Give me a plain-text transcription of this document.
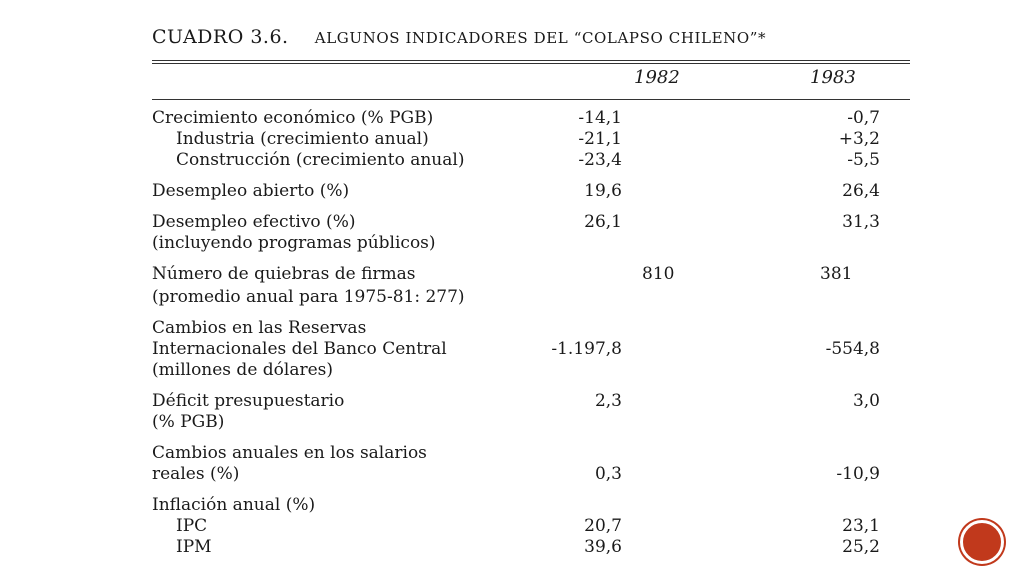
CUADRO 3.6. ALGUNOS INDICADORES DEL “COLAPSO CHILENO”*
1982	1983
Crecimiento económico (% PGB)	-14,1	-0,7
Industria (crecimiento anual)	-21,1	+3,2
Construcción (crecimiento anual)	-23,4	-5,5
Desempleo abierto (%)	19,6	26,4
Desempleo efectivo (%)	26,1	31,3
(incluyendo programas públicos)
Número de quiebras de firmas	810	381
(promedio anual para 1975-81: 277)
Cambios en las Reservas
Internacionales del Banco Central	-1.197,8	-554,8
(millones de dólares)
Déficit presupuestario	2,3	3,0
(% PGB)
Cambios anuales en los salarios
reales (%)	0,3	-10,9
Inflación anual (%)
IPC	20,7	23,1
IPM	39,6	25,2
